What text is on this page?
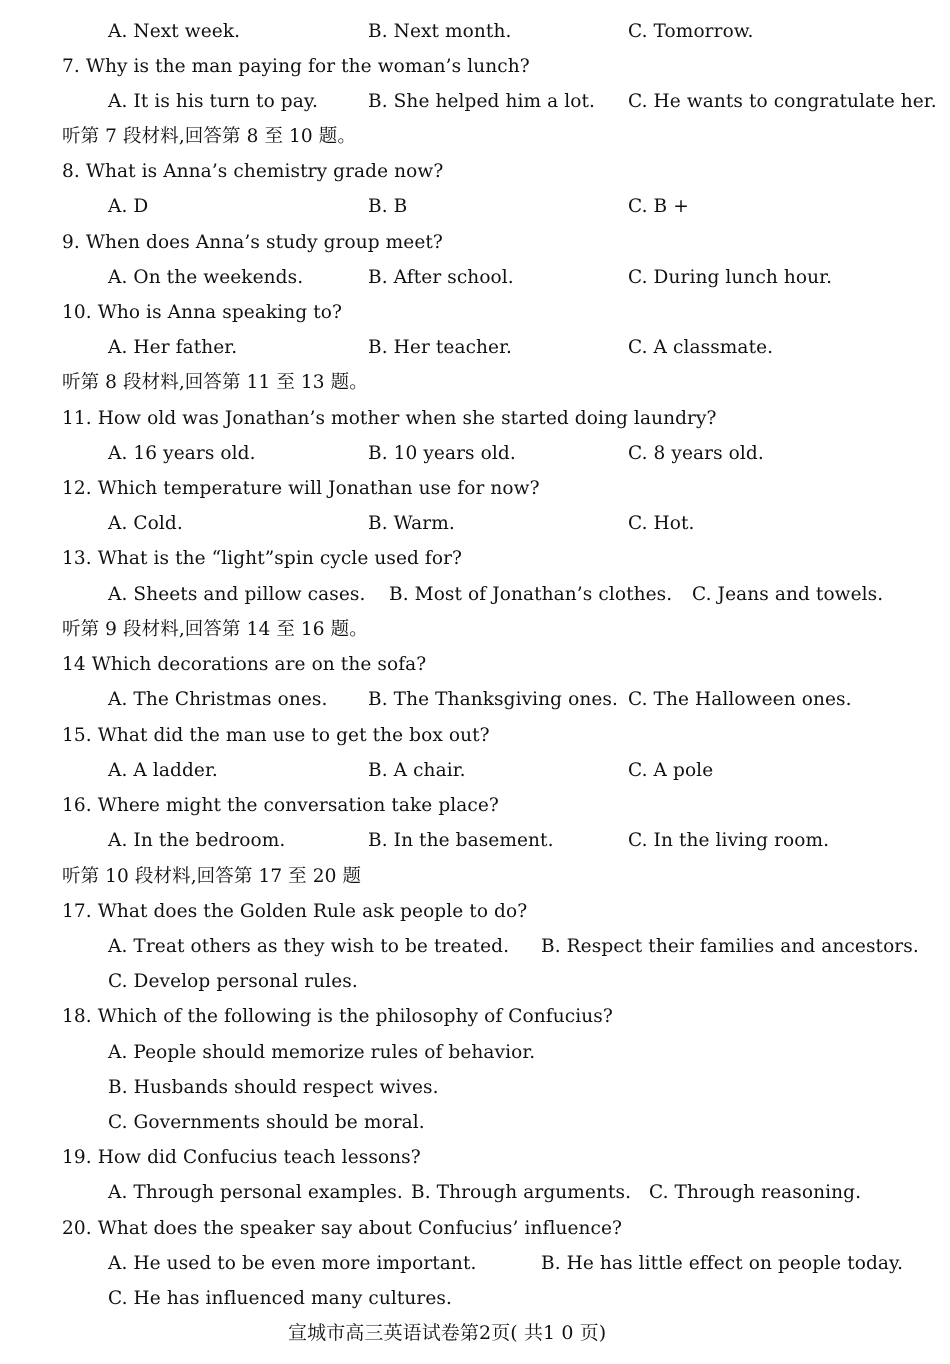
A. Next week.	B. Next month.	C. Tomorrow.
7. Why is the man paying for the woman’s lunch?
A. It is his turn to pay.	B. She helped him a lot. C. He wants to congratulate her.
听第 7 段材料,回答第 8 至 10 题。
8. What is Anna’s chemistry grade now?
A. D	B. B	C. B +
9. When does Anna’s study group meet?
A. On the weekends.	B. After school.	C. During lunch hour.
10. Who is Anna speaking to?
A. Her father.	B. Her teacher.	C. A classmate.
听第 8 段材料,回答第 11 至 13 题。
11. How old was Jonathan’s mother when she started doing laundry?
A. 16 years old.	B. 10 years old.	C. 8 years old.
12. Which temperature will Jonathan use for now?
A. Cold.	B. Warm.	C. Hot.
13. What is the “light”spin cycle used for?
A. Sheets and pillow cases. B. Most of Jonathan’s clothes. C. Jeans and towels.
听第 9 段材料,回答第 14 至 16 题。
14 Which decorations are on the sofa?
A. The Christmas ones. B. The Thanksgiving ones. C. The Halloween ones.
15. What did the man use to get the box out?
A. A ladder.	B. A chair.	C. A pole
16. Where might the conversation take place?
A. In the bedroom.	B. In the basement.	C. In the living room.
听第 10 段材料,回答第 17 至 20 题
17. What does the Golden Rule ask people to do?
A. Treat others as they wish to be treated. B. Respect their families and ancestors.
C. Develop personal rules.
18. Which of the following is the philosophy of Confucius?
A. People should memorize rules of behavior.
B. Husbands should respect wives.
C. Governments should be moral.
19. How did Confucius teach lessons?
A. Through personal examples. B. Through arguments. C. Through reasoning.
20. What does the speaker say about Confucius’ influence?
A. He used to be even more important.	B. He has little effect on people today.
C. He has influenced many cultures.
宣城市高三英语试卷第2页( 共1 0 页)
